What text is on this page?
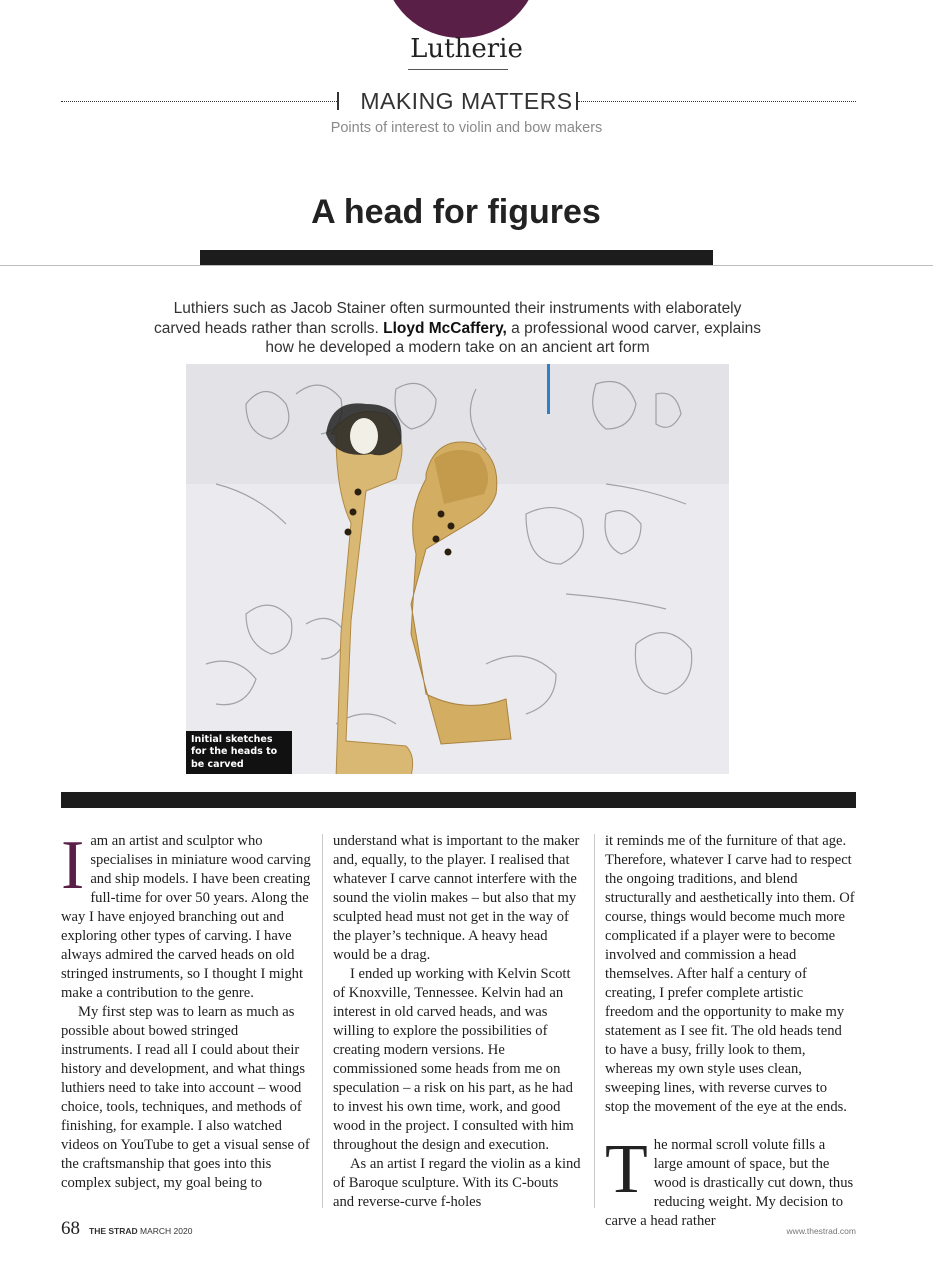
Lutherie
MAKING MATTERS
Points of interest to violin and bow makers
A head for figures
Luthiers such as Jacob Stainer often surmounted their instruments with elaborately carved heads rather than scrolls. Lloyd McCaffery, a professional wood carver, explains how he developed a modern take on an ancient art form
Initial sketches for the heads to be carved

Iam an artist and sculptor who specialises in miniature wood carving and ship models. I have been creating full-time for over 50 years. Along the way I have enjoyed branching out and exploring other types of carving. I have always admired the carved heads on old stringed instruments, so I thought I might make a contribution to the genre.

My first step was to learn as much as possible about bowed stringed instruments. I read all I could about their history and development, and what things luthiers need to take into account – wood choice, tools, techniques, and methods of finishing, for example. I also watched videos on YouTube to get a visual sense of the craftsmanship that goes into this complex subject, my goal being to

understand what is important to the maker and, equally, to the player. I realised that whatever I carve cannot interfere with the sound the violin makes – but also that my sculpted head must not get in the way of the player’s technique. A heavy head would be a drag.

I ended up working with Kelvin Scott of Knoxville, Tennessee. Kelvin had an interest in old carved heads, and was willing to explore the possibilities of creating modern versions. He commissioned some heads from me on speculation – a risk on his part, as he had to invest his own time, work, and good wood in the project. I consulted with him throughout the design and execution.

As an artist I regard the violin as a kind of Baroque sculpture. With its C-bouts and reverse-curve f-holes

it reminds me of the furniture of that age. Therefore, whatever I carve had to respect the ongoing traditions, and blend structurally and aesthetically into them. Of course, things would become much more complicated if a player were to become involved and commission a head themselves. After half a century of creating, I prefer complete artistic freedom and the opportunity to make my statement as I see fit. The old heads tend to have a busy, frilly look to them, whereas my own style uses clean, sweeping lines, with reverse curves to stop the movement of the eye at the ends.

The normal scroll volute fills a large amount of space, but the wood is drastically cut down, thus reducing weight. My decision to carve a head rather

68 THE STRAD MARCH 2020	www.thestrad.com
